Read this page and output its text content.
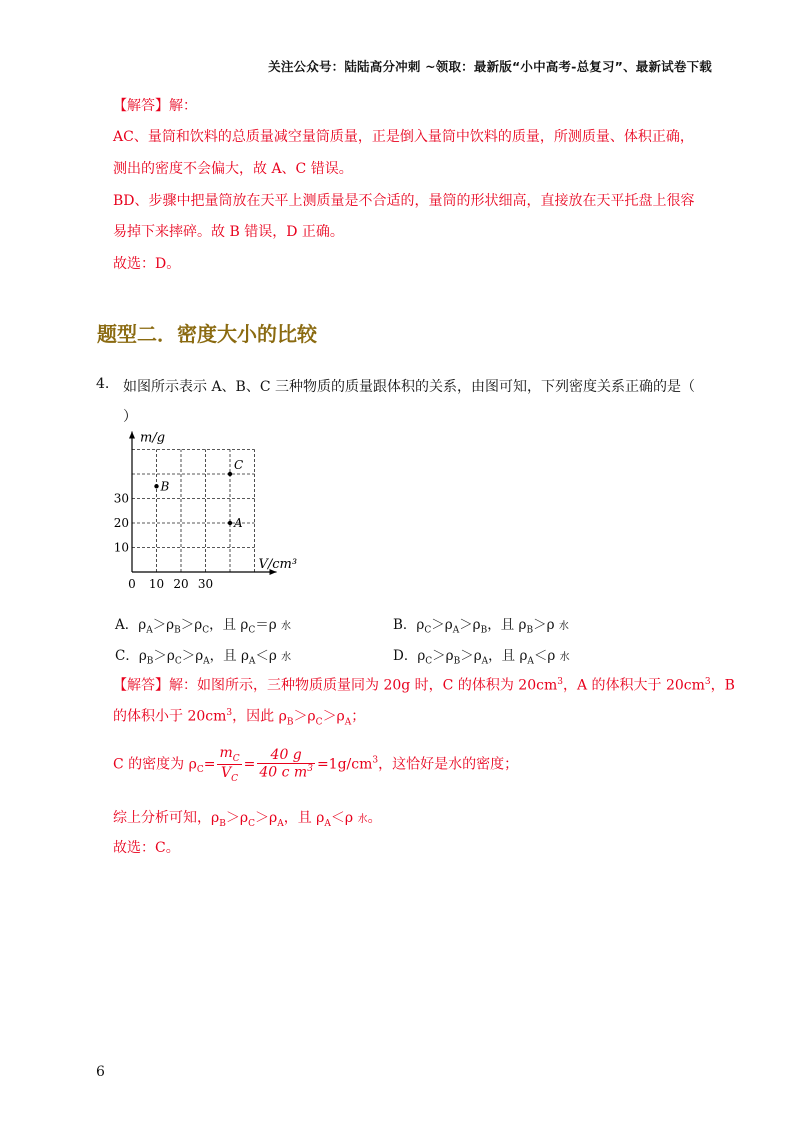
关注公众号：陆陆高分冲刺 ~领取：最新版“小中高考-总复习”、最新试卷下载
【解答】解：
AC、量筒和饮料的总质量减空量筒质量，正是倒入量筒中饮料的质量，所测质量、体积正确，
测出的密度不会偏大，故 A、C 错误。
BD、步骤中把量筒放在天平上测质量是不合适的，量筒的形状细高，直接放在天平托盘上很容
易掉下来摔碎。故 B 错误，D 正确。
故选：D。
题型二．密度大小的比较
4. 如图所示表示 A、B、C 三种物质的质量跟体积的关系，由图可知，下列密度关系正确的是（
）
m/g
V/cm³
0 10 20 30
10
20
30
B
C
A
A．$\rho_A>\rho_B>\rho_C$，且 $\rho_C=\rho$ 水	B．$\rho_C>\rho_A>\rho_B$，且 $\rho_B>\rho$ 水
C．$\rho_B>\rho_C>\rho_A$，且 $\rho_A<\rho$ 水	D．$\rho_C>\rho_B>\rho_A$，且 $\rho_A<\rho$ 水
【解答】解：如图所示，三种物质质量同为 20g 时，C 的体积为 $20cm^3$，A 的体积大于 $20cm^3$，B
的体积小于 $20cm^3$，因此 $\rho_B>\rho_C>\rho_A$；
C 的密度为 $\rho_C= \frac{m_C}{V_C} = \frac{40 g}{40 c m^3} =1g/cm^3$，这恰好是水的密度；
综上分析可知，$\rho_B>\rho_C>\rho_A$，且 $\rho_A<\rho$ 水。
故选：C。
6
